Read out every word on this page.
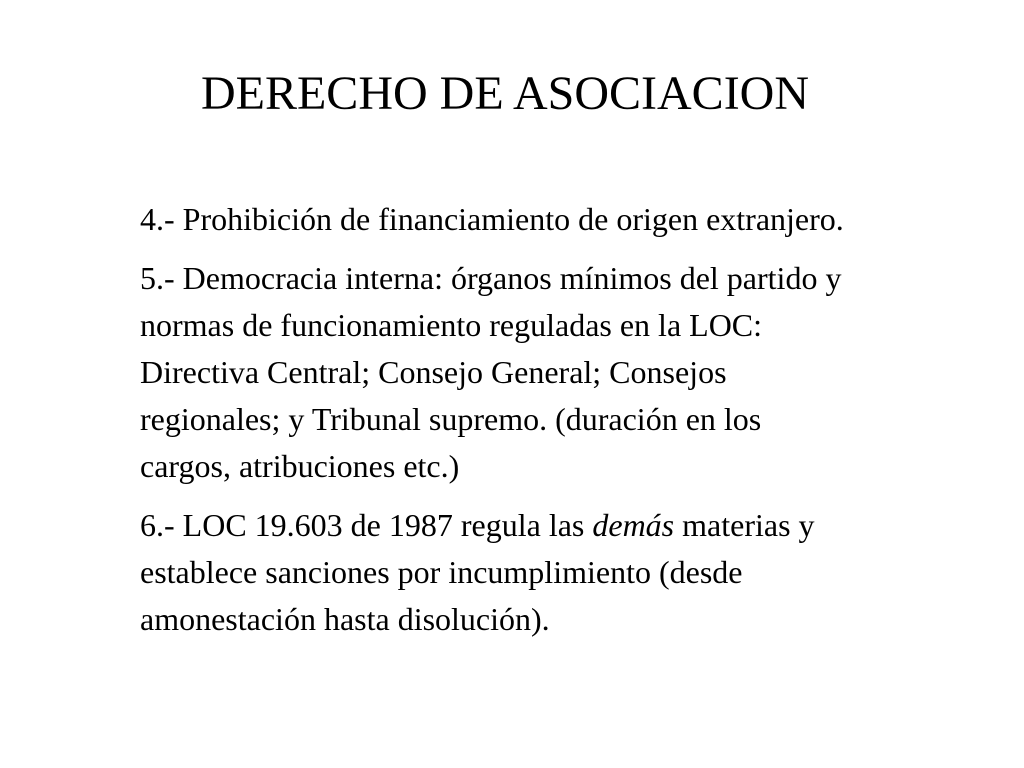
DERECHO DE ASOCIACION

4.- Prohibición de financiamiento de origen extranjero.

5.- Democracia interna: órganos mínimos del partido y normas de funcionamiento reguladas en la LOC: Directiva Central; Consejo General; Consejos regionales; y Tribunal supremo. (duración en los cargos, atribuciones etc.)

6.- LOC 19.603 de 1987 regula las demás materias y establece sanciones por incumplimiento (desde amonestación hasta disolución).
